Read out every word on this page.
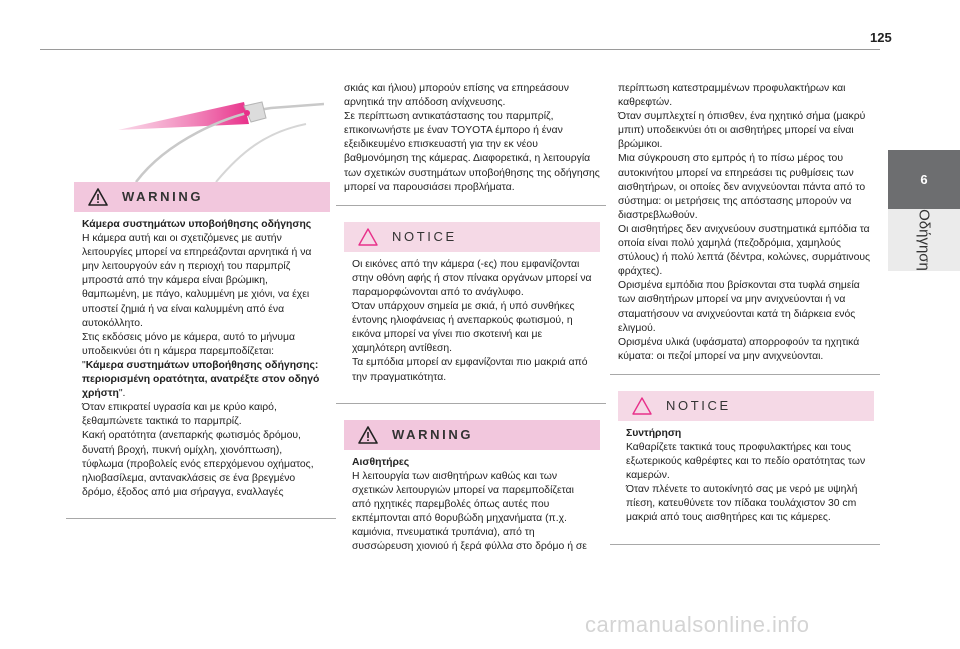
125
6
Οδήγηση
WARNING

Κάμερα συστημάτων υποβοήθησης οδήγησης

Η κάμερα αυτή και οι σχετιζόμενες με αυτήν λειτουργίες μπορεί να επηρεάζονται αρνητικά ή να μην λειτουργούν εάν η περιοχή του παρμπρίζ μπροστά από την κάμερα είναι βρώμικη, θαμπωμένη, με πάγο, καλυμμένη με χιόνι, να έχει υποστεί ζημιά ή να είναι καλυμμένη από ένα αυτοκόλλητο.

Στις εκδόσεις μόνο με κάμερα, αυτό το μήνυμα υποδεικνύει ότι η κάμερα παρεμποδίζεται:

"Κάμερα συστημάτων υποβοήθησης οδήγησης: περιορισμένη ορατότητα, ανατρέξτε στον οδηγό χρήστη".

Όταν επικρατεί υγρασία και με κρύο καιρό, ξεθαμπώνετε τακτικά το παρμπρίζ.

Κακή ορατότητα (ανεπαρκής φωτισμός δρόμου, δυνατή βροχή, πυκνή ομίχλη, χιονόπτωση), τύφλωμα (προβολείς ενός επερχόμενου οχήματος, ηλιοβασίλεμα, αντανακλάσεις σε ένα βρεγμένο δρόμο, έξοδος από μια σήραγγα, εναλλαγές

σκιάς και ήλιου) μπορούν επίσης να επηρεάσουν αρνητικά την απόδοση ανίχνευσης.

Σε περίπτωση αντικατάστασης του παρμπρίζ, επικοινωνήστε με έναν TOYOTA έμπορο ή έναν εξειδικευμένο επισκευαστή για την εκ νέου βαθμονόμηση της κάμερας. Διαφορετικά, η λειτουργία των σχετικών συστημάτων υποβοήθησης της οδήγησης μπορεί να παρουσιάσει προβλήματα.

NOTICE

Οι εικόνες από την κάμερα (-ες) που εμφανίζονται στην οθόνη αφής ή στον πίνακα οργάνων μπορεί να παραμορφώνονται από το ανάγλυφο.

Όταν υπάρχουν σημεία με σκιά, ή υπό συνθήκες έντονης ηλιοφάνειας ή ανεπαρκούς φωτισμού, η εικόνα μπορεί να γίνει πιο σκοτεινή και με χαμηλότερη αντίθεση.

Τα εμπόδια μπορεί αν εμφανίζονται πιο μακριά από την πραγματικότητα.

WARNING

Αισθητήρες

Η λειτουργία των αισθητήρων καθώς και των σχετικών λειτουργιών μπορεί να παρεμποδίζεται από ηχητικές παρεμβολές όπως αυτές που εκπέμπονται από θορυβώδη μηχανήματα (π.χ. καμιόνια, πνευματικά τρυπάνια), από τη συσσώρευση χιονιού ή ξερά φύλλα στο δρόμο ή σε

περίπτωση κατεστραμμένων προφυλακτήρων και καθρεφτών.

Όταν συμπλεχτεί η όπισθεν, ένα ηχητικό σήμα (μακρύ μπιπ) υποδεικνύει ότι οι αισθητήρες μπορεί να είναι βρώμικοι.

Μια σύγκρουση στο εμπρός ή το πίσω μέρος του αυτοκινήτου μπορεί να επηρεάσει τις ρυθμίσεις των αισθητήρων, οι οποίες δεν ανιχνεύονται πάντα από το σύστημα: οι μετρήσεις της απόστασης μπορούν να διαστρεβλωθούν.

Οι αισθητήρες δεν ανιχνεύουν συστηματικά εμπόδια τα οποία είναι πολύ χαμηλά (πεζοδρόμια, χαμηλούς στύλους) ή πολύ λεπτά (δέντρα, κολώνες, συρμάτινους φράχτες).

Ορισμένα εμπόδια που βρίσκονται στα τυφλά σημεία των αισθητήρων μπορεί να μην ανιχνεύονται ή να σταματήσουν να ανιχνεύονται κατά τη διάρκεια ενός ελιγμού.

Ορισμένα υλικά (υφάσματα) απορροφούν τα ηχητικά κύματα: οι πεζοί μπορεί να μην ανιχνεύονται.

NOTICE

Συντήρηση

Καθαρίζετε τακτικά τους προφυλακτήρες και τους εξωτερικούς καθρέφτες και το πεδίο ορατότητας των καμερών.

Όταν πλένετε το αυτοκίνητό σας με νερό με υψηλή πίεση, κατευθύνετε τον πίδακα τουλάχιστον 30 cm μακριά από τους αισθητήρες και τις κάμερες.

carmanualsonline.info
